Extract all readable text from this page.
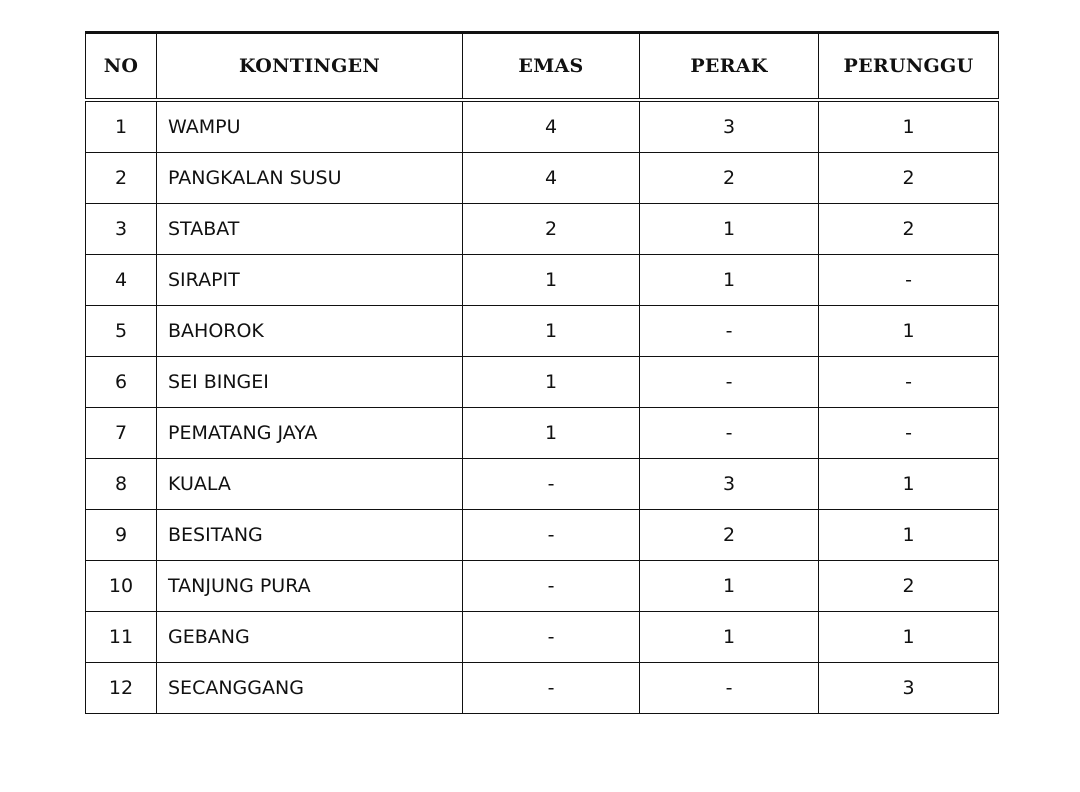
NO	KONTINGEN	EMAS	PERAK	PERUNGGU
1	WAMPU	4	3	1
2	PANGKALAN SUSU	4	2	2
3	STABAT	2	1	2
4	SIRAPIT	1	1	-
5	BAHOROK	1	-	1
6	SEI BINGEI	1	-	-
7	PEMATANG JAYA	1	-	-
8	KUALA	-	3	1
9	BESITANG	-	2	1
10	TANJUNG PURA	-	1	2
11	GEBANG	-	1	1
12	SECANGGANG	-	-	3
